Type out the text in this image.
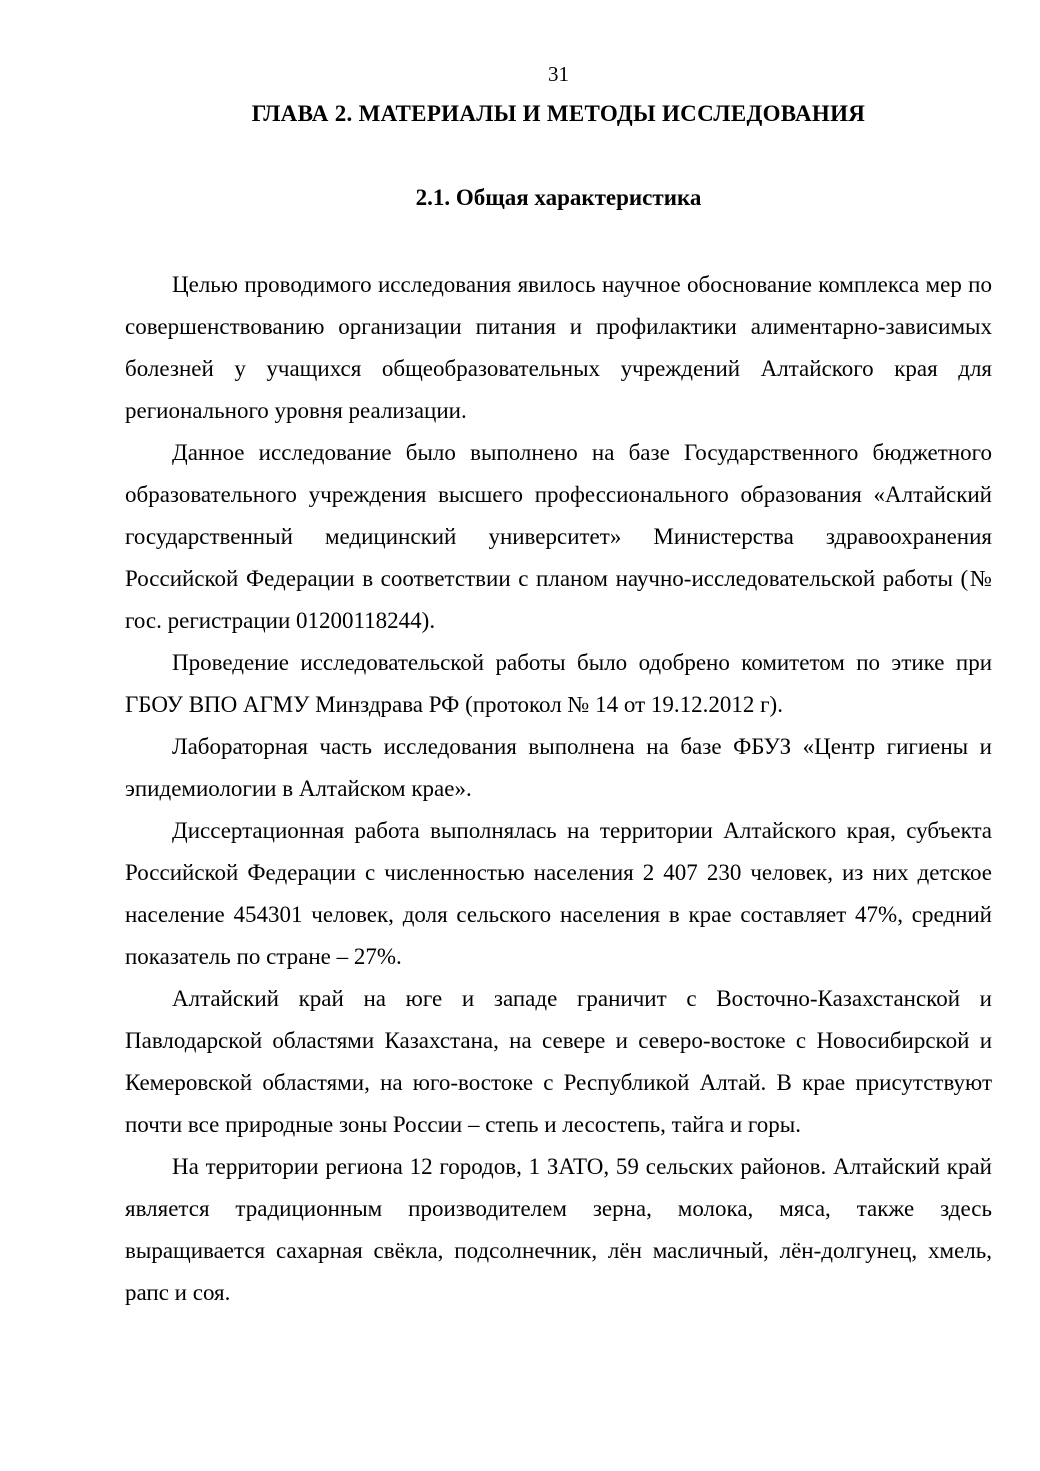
31
ГЛАВА 2. МАТЕРИАЛЫ И МЕТОДЫ ИССЛЕДОВАНИЯ
2.1. Общая характеристика

Целью проводимого исследования явилось научное обоснование комплекса мер по совершенствованию организации питания и профилактики алиментарно-зависимых болезней у учащихся общеобразовательных учреждений Алтайского края для регионального уровня реализации.

Данное исследование было выполнено на базе Государственного бюджетного образовательного учреждения высшего профессионального образования «Алтайский государственный медицинский университет» Министерства здравоохранения Российской Федерации в соответствии с планом научно-исследовательской работы (№ гос. регистрации 01200118244).

Проведение исследовательской работы было одобрено комитетом по этике при ГБОУ ВПО АГМУ Минздрава РФ (протокол № 14 от 19.12.2012 г).

Лабораторная часть исследования выполнена на базе ФБУЗ «Центр гигиены и эпидемиологии в Алтайском крае».

Диссертационная работа выполнялась на территории Алтайского края, субъекта Российской Федерации с численностью населения 2 407 230 человек, из них детское население 454301 человек, доля сельского населения в крае составляет 47%, средний показатель по стране – 27%.

Алтайский край на юге и западе граничит с Восточно-Казахстанской и Павлодарской областями Казахстана, на севере и северо-востоке с Новосибирской и Кемеровской областями, на юго-востоке с Республикой Алтай. В крае присутствуют почти все природные зоны России – степь и лесостепь, тайга и горы.

На территории региона 12 городов, 1 ЗАТО, 59 сельских районов. Алтайский край является традиционным производителем зерна, молока, мяса, также здесь выращивается сахарная свёкла, подсолнечник, лён масличный, лён-долгунец, хмель, рапс и соя.
